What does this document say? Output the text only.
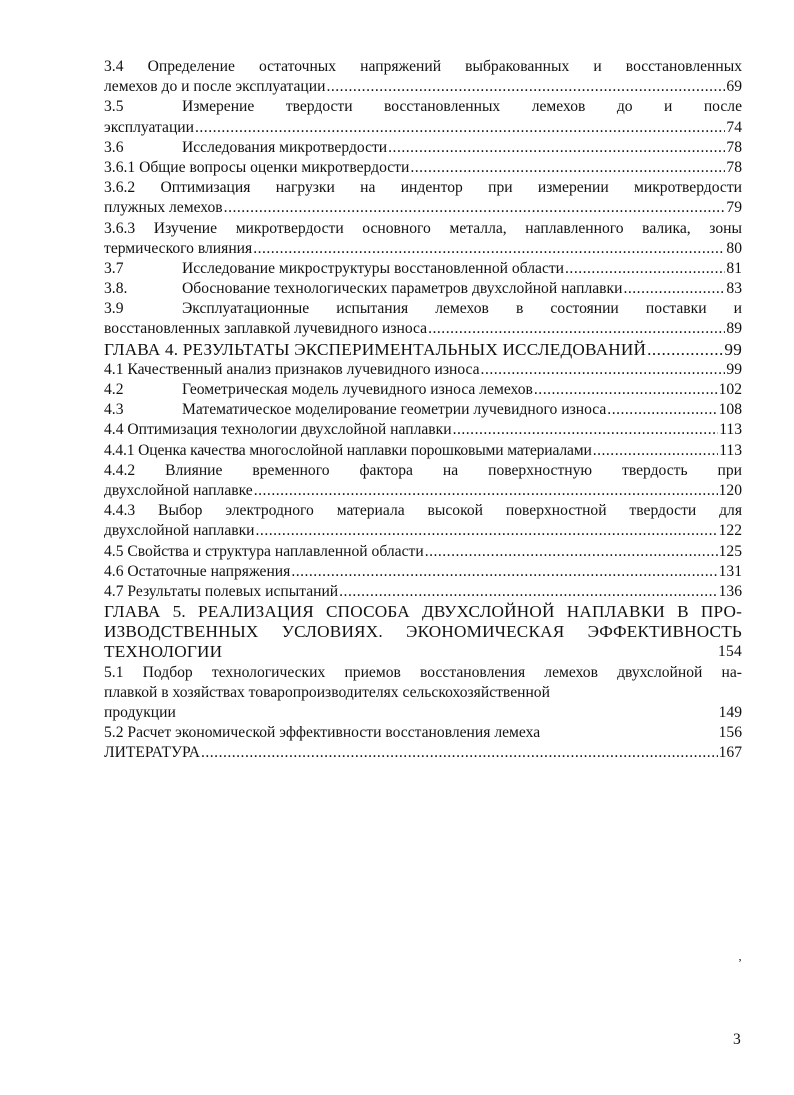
3.4 Определение остаточных напряжений выбракованных и восстановленных
лемехов до и после эксплуатации .....	69
3.5	Измерение твердости восстановленных лемехов до и после
эксплуатации .....	74
3.6	Исследования микротвердости .....	78
3.6.1 Общие вопросы оценки микротвердости .....	78
3.6.2 Оптимизация нагрузки на индентор при измерении микротвердости
плужных лемехов .....	79
3.6.3 Изучение микротвердости основного металла, наплавленного валика, зоны
термического влияния .....	80
3.7	Исследование микроструктуры восстановленной области .....	81
3.8.	Обоснование технологических параметров двухслойной наплавки .....	83
3.9	Эксплуатационные испытания лемехов в состоянии поставки и
восстановленных заплавкой лучевидного износа .....	89
ГЛАВА 4. РЕЗУЛЬТАТЫ ЭКСПЕРИМЕНТАЛЬНЫХ ИССЛЕДОВАНИЙ .....	99
4.1 Качественный анализ признаков лучевидного износа .....	99
4.2	Геометрическая модель лучевидного износа лемехов .....	102
4.3	Математическое моделирование геометрии лучевидного износа .....	108
4.4 Оптимизация технологии двухслойной наплавки .....	113
4.4.1 Оценка качества многослойной наплавки порошковыми материалами .....	113
4.4.2 Влияние временного фактора на поверхностную твердость при
двухслойной наплавке .....	120
4.4.3 Выбор электродного материала высокой поверхностной твердости для
двухслойной наплавки .....	122
4.5 Свойства и структура наплавленной области .....	125
4.6 Остаточные напряжения .....	131
4.7 Результаты полевых испытаний .....	136
ГЛАВА 5. РЕАЛИЗАЦИЯ СПОСОБА ДВУХСЛОЙНОЙ НАПЛАВКИ В ПРО-
ИЗВОДСТВЕННЫХ УСЛОВИЯХ. ЭКОНОМИЧЕСКАЯ ЭФФЕКТИВНОСТЬ
ТЕХНОЛОГИИ	154
5.1 Подбор технологических приемов восстановления лемехов двухслойной на-
плавкой в хозяйствах товаропроизводителях сельскохозяйственной
продукции	149
5.2 Расчет экономической эффективности восстановления лемеха	156
ЛИТЕРАТУРА .....	167
‚
3
